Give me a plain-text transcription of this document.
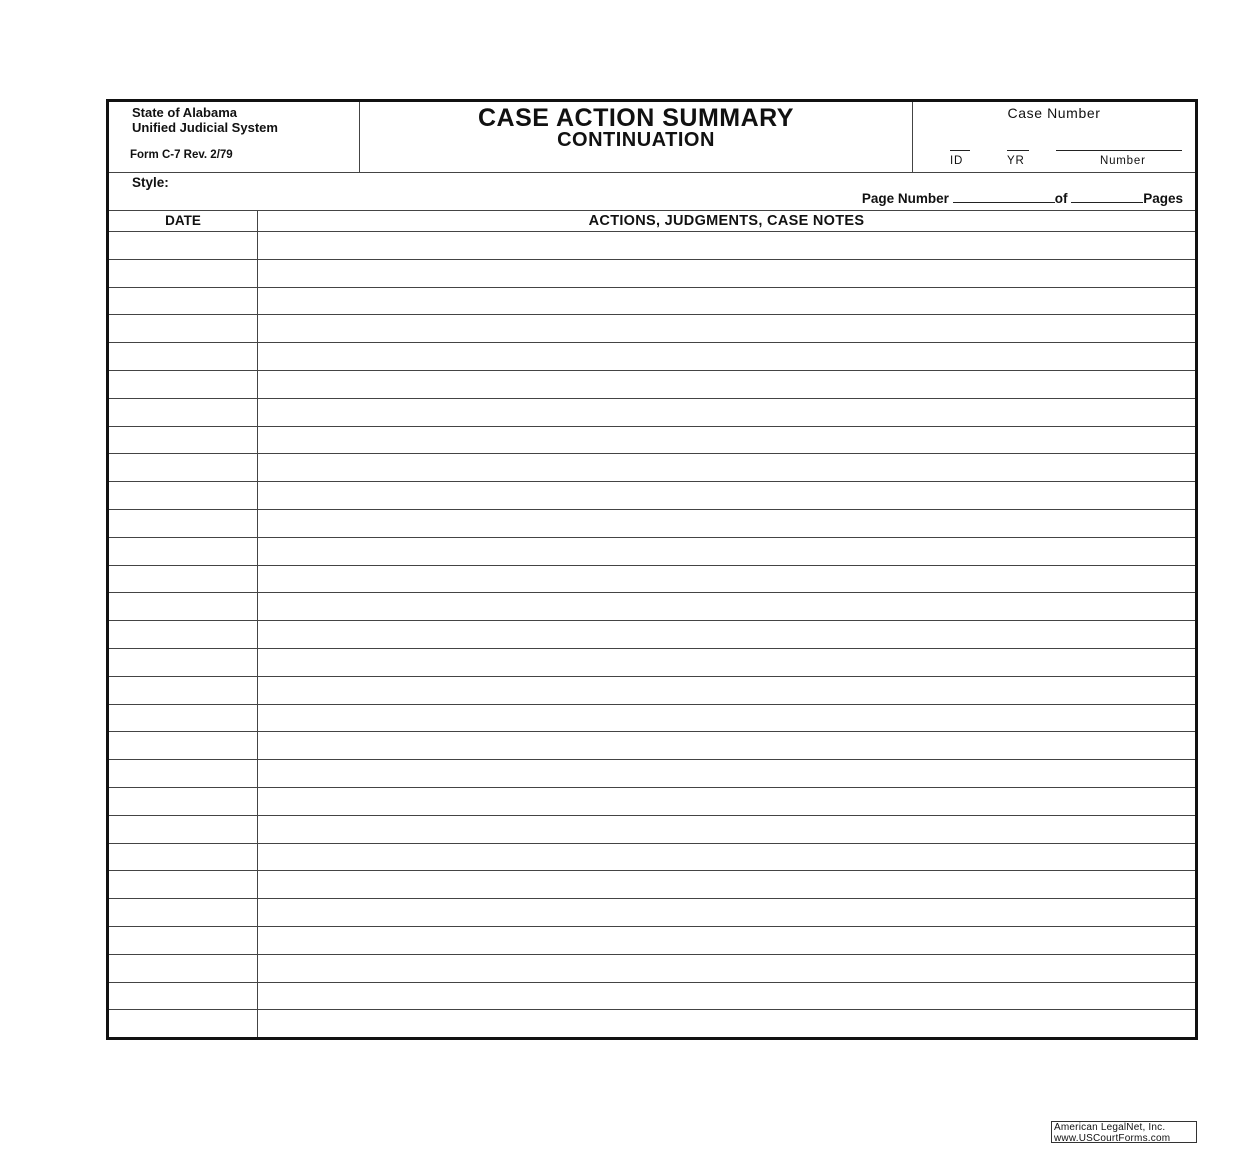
State of Alabama
Unified Judicial System
Form C-7 Rev. 2/79
CASE ACTION SUMMARY
CONTINUATION
Case Number
ID	YR	Number
Style:
Page Number	of	Pages
DATE	ACTIONS, JUDGMENTS, CASE NOTES
American LegalNet, Inc.
www.USCourtForms.com
